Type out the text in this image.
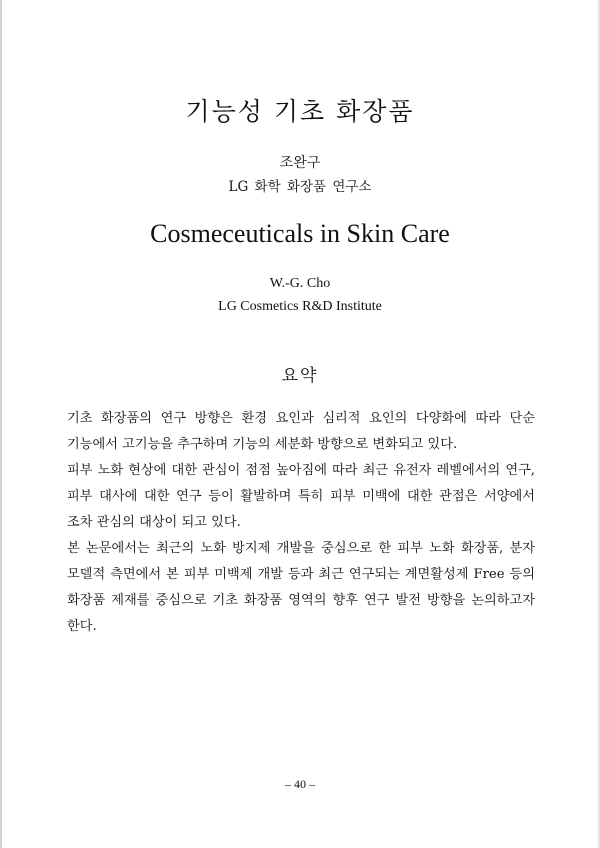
기능성 기초 화장품
조완구
LG 화학 화장품 연구소
Cosmeceuticals in Skin Care
W.-G. Cho
LG Cosmetics R&D Institute
요약

기초 화장품의 연구 방향은 환경 요인과 심리적 요인의 다양화에 따라 단순 기능에서 고기능을 추구하며 기능의 세분화 방향으로 변화되고 있다.

피부 노화 현상에 대한 관심이 점점 높아짐에 따라 최근 유전자 레벨에서의 연구, 피부 대사에 대한 연구 등이 활발하며 특히 피부 미백에 대한 관점은 서양에서 조차 관심의 대상이 되고 있다.

본 논문에서는 최근의 노화 방지제 개발을 중심으로 한 피부 노화 화장품, 분자 모델적 측면에서 본 피부 미백제 개발 등과 최근 연구되는 계면활성제 Free 등의 화장품 제재를 중심으로 기초 화장품 영역의 향후 연구 발전 방향을 논의하고자 한다.

– 40 –
